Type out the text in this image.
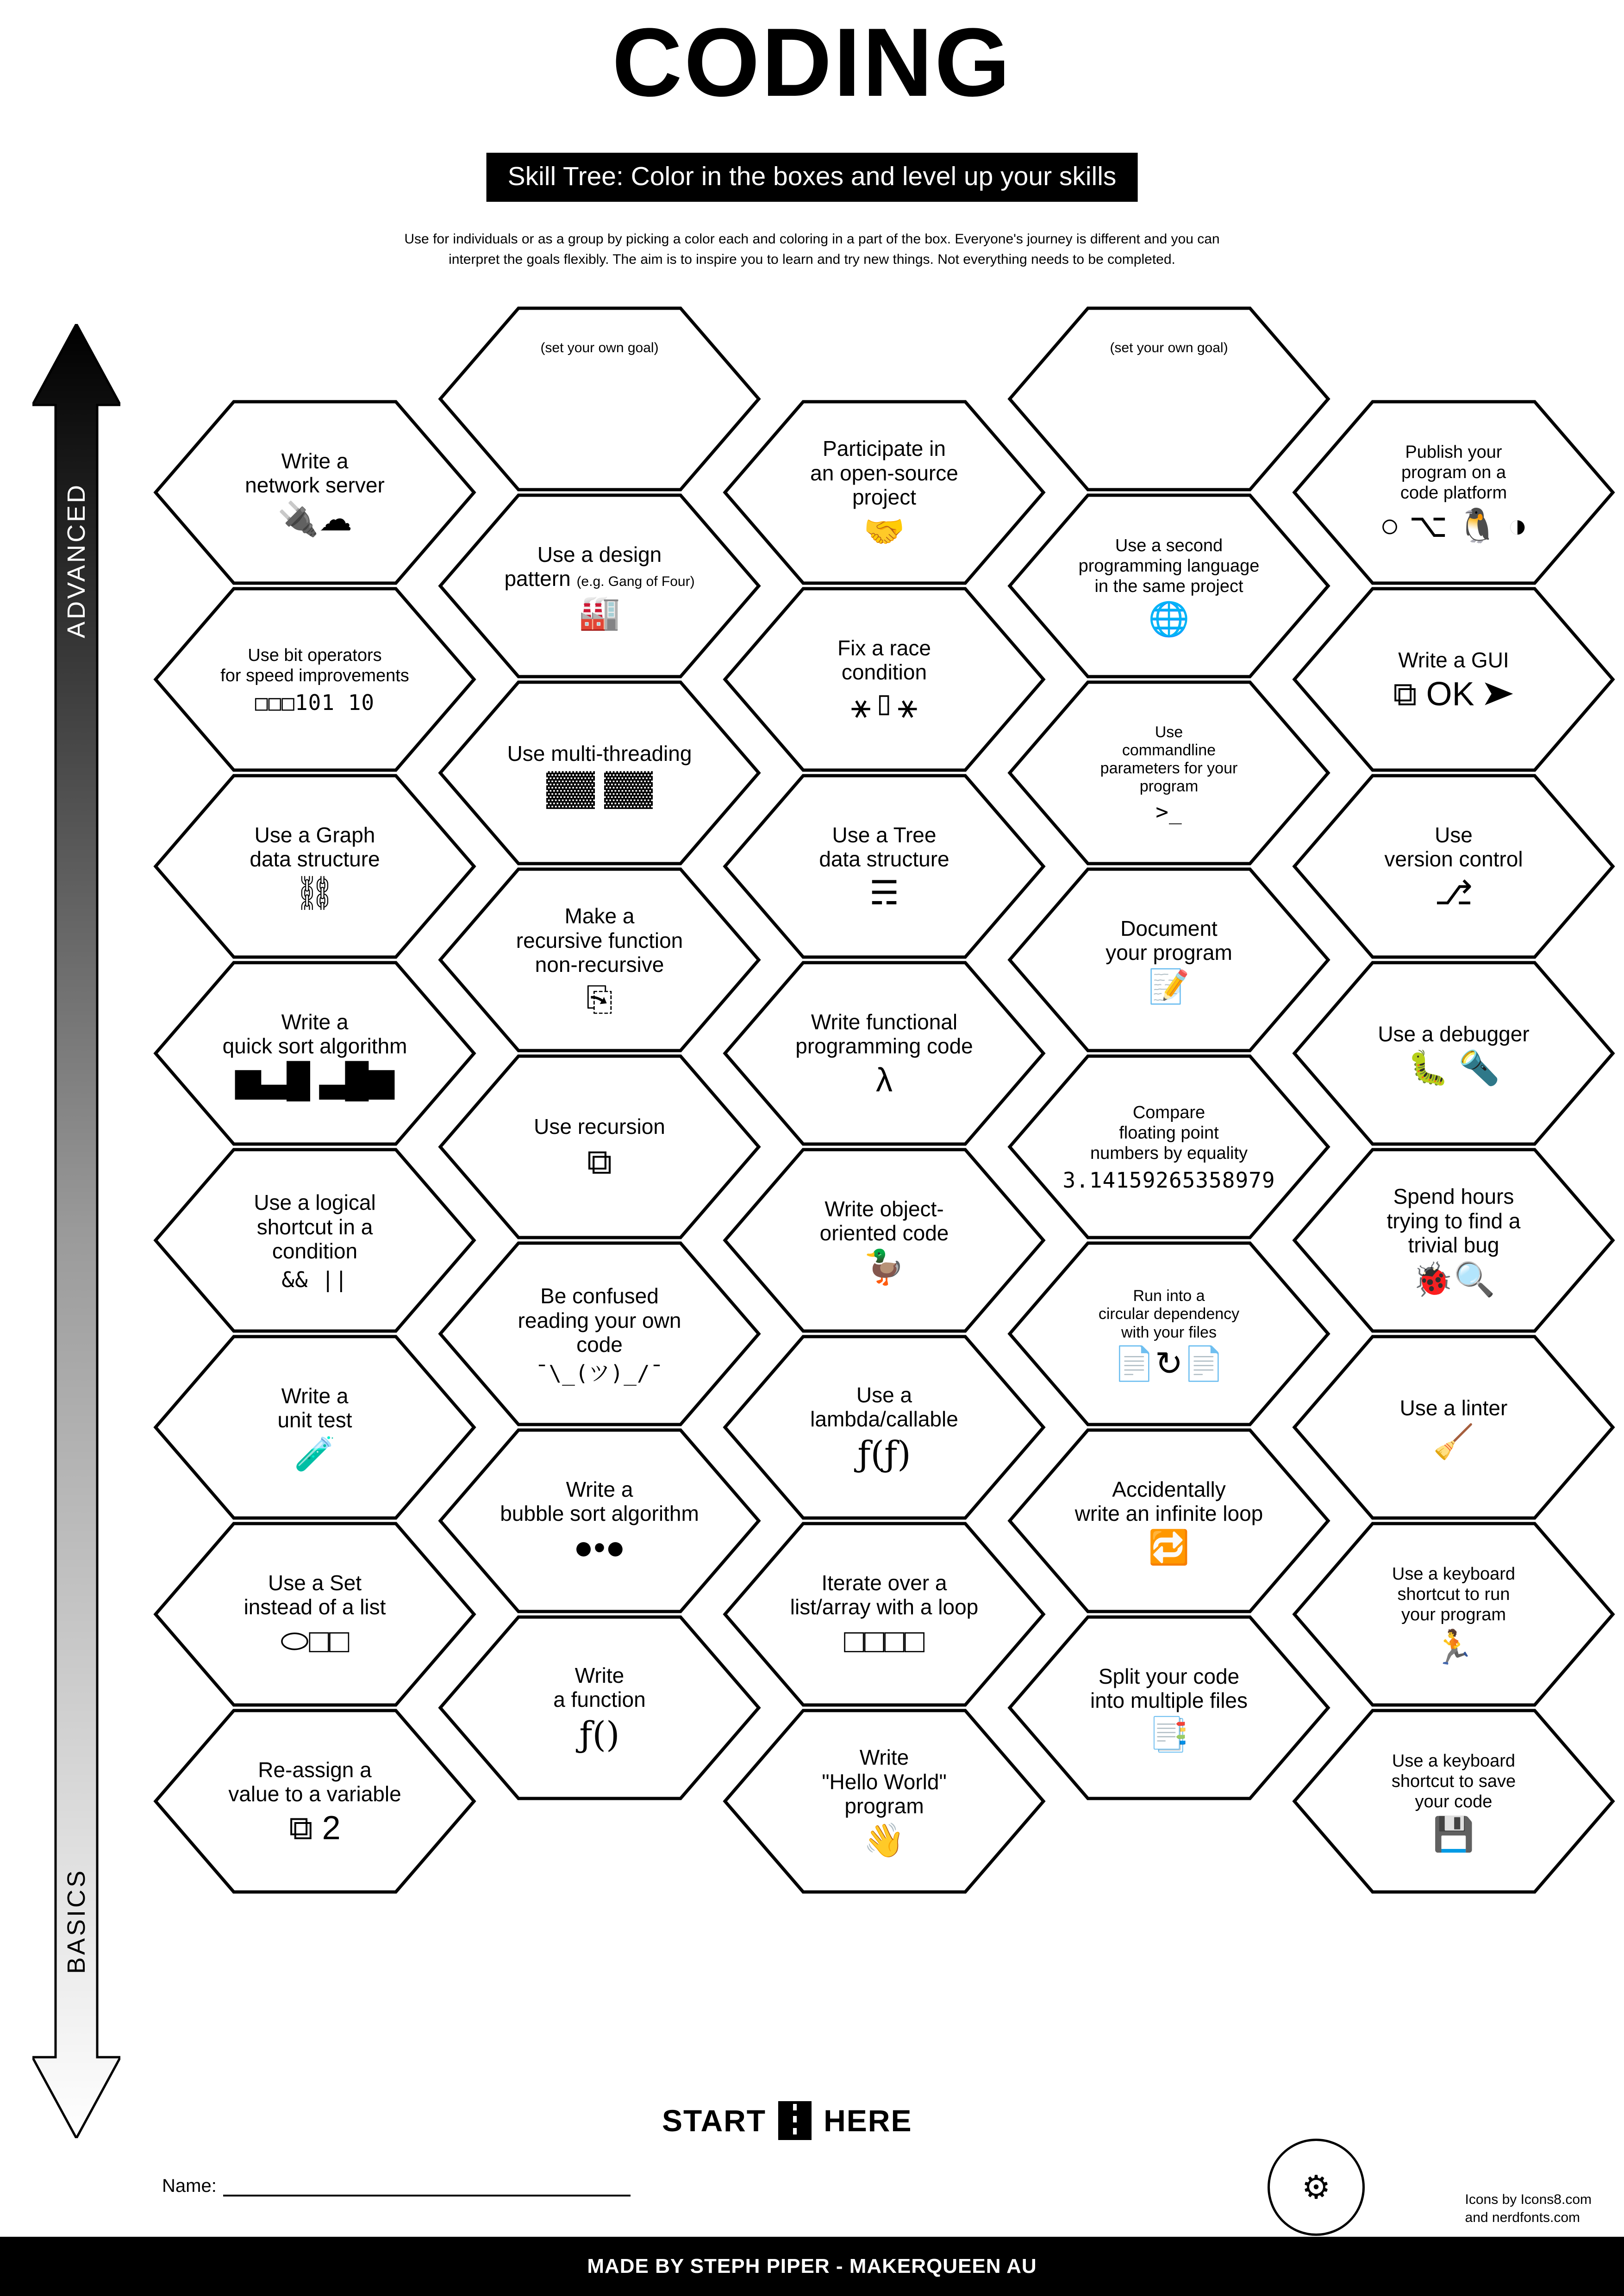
CODING
Skill Tree: Color in the boxes and level up your skills
Use for individuals or as a group by picking a color each and coloring in a part of the box. Everyone's journey is different and you can interpret the goals flexibly. The aim is to inspire you to learn and try new things. Not everything needs to be completed.
ADVANCED
BASICS
(set your own goal)	(set your own goal)
Write a
network server
🔌☁
Participate in
an open-source
project
🤝
Publish your
program on a
code platform
○ ⌥ 🐧 ◑
Use a design
pattern (e.g. Gang of Four)
🏭
Use a second
programming language
in the same project
🌐
Use bit operators
for speed improvements
□□□101 10
Fix a race
condition
⚹▯⚹
Write a GUI
⧉ OK ➤
Use multi-threading
▓▓ ▓▓
Use
commandline
parameters for your
program
>_
Use a Graph
data structure
⛓
Use a Tree
data structure
☴
Use
version control
⎇
Make a
recursive function
non-recursive
⎘
Document
your program
📝
Write a
quick sort algorithm
▆▃█ ▃█▆
Write functional
programming code
λ
Use a debugger
🐛 🔦
Use recursion
⧉
Compare
floating point
numbers by equality
3.14159265358979
Use a logical
shortcut in a
condition
&& ||
Write object-
oriented code
🦆
Spend hours
trying to find a
trivial bug
🐞🔍
Be confused
reading your own
code
¯\_(ツ)_/¯
Run into a
circular dependency
with your files
📄↻📄
Write a
unit test
🧪
Use a
lambda/callable
ƒ(ƒ)
Use a linter
🧹
Write a
bubble sort algorithm
●•●
Accidentally
write an infinite loop
🔁
Use a Set
instead of a list
⬭□□
Iterate over a
list/array with a loop
□□□□
Use a keyboard
shortcut to run
your program
🏃
Write
a function
ƒ()
Split your code
into multiple files
📑
Re-assign a
value to a variable
⧉ 2
Write
"Hello World"
program
👋
Use a keyboard
shortcut to save
your code
💾
START HERE
Name:	⚙	Icons by Icons8.com
and nerdfonts.com
MADE BY STEPH PIPER - MAKERQUEEN AU
